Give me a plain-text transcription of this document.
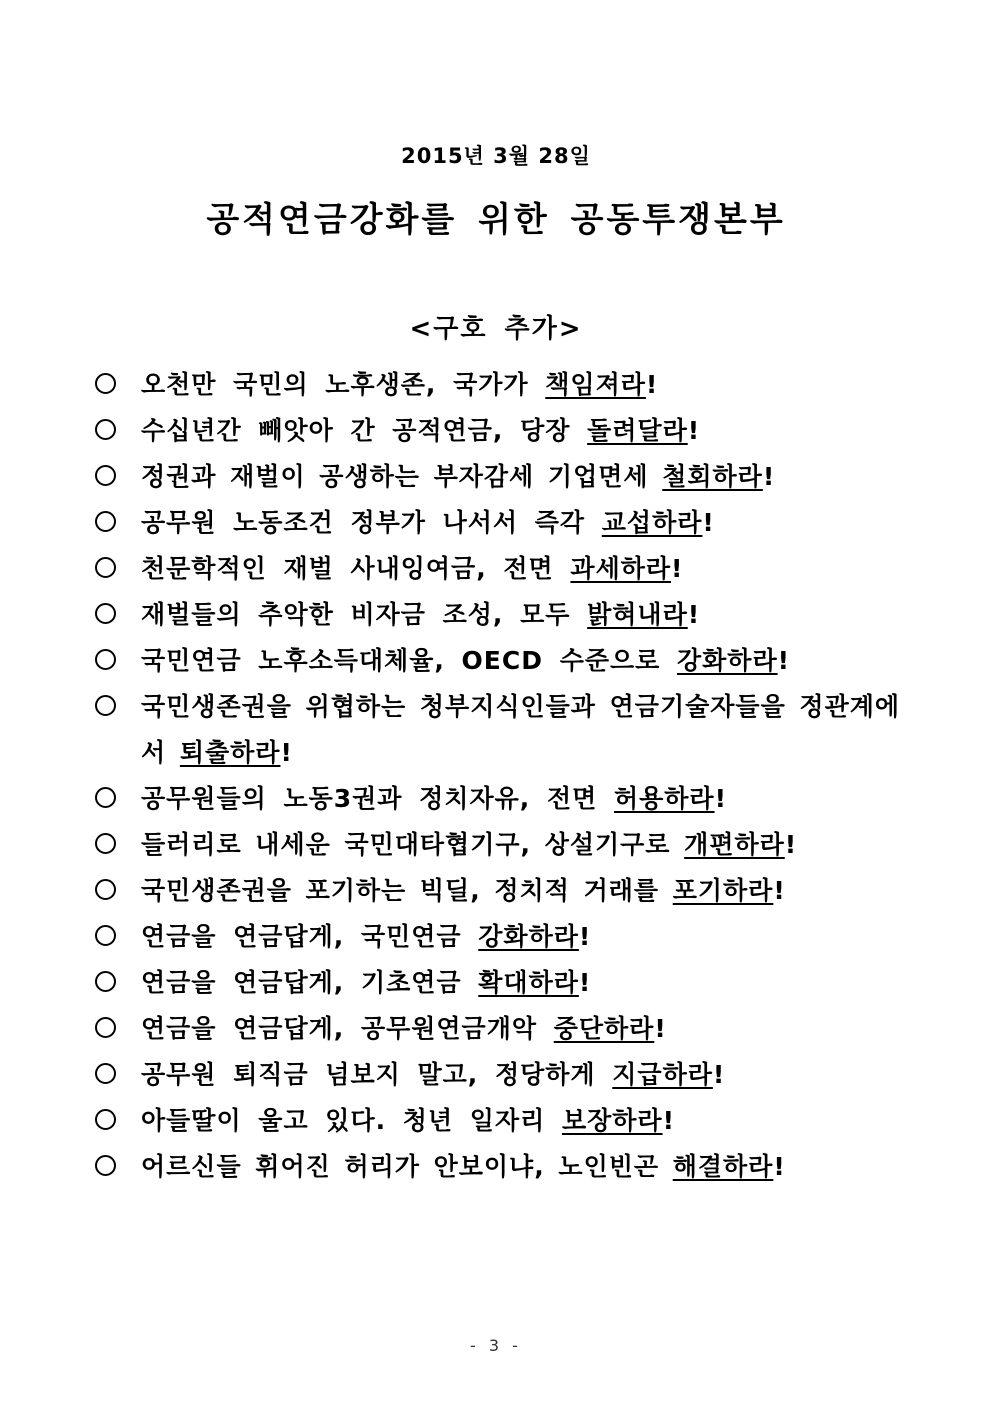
2015년 3월 28일
공적연금강화를 위한 공동투쟁본부
<구호 추가>
오천만 국민의 노후생존, 국가가 책임져라!
수십년간 빼앗아 간 공적연금, 당장 돌려달라!
정권과 재벌이 공생하는 부자감세 기업면세 철회하라!
공무원 노동조건 정부가 나서서 즉각 교섭하라!
천문학적인 재벌 사내잉여금, 전면 과세하라!
재벌들의 추악한 비자금 조성, 모두 밝혀내라!
국민연금 노후소득대체율, OECD 수준으로 강화하라!
국민생존권을 위협하는 청부지식인들과 연금기술자들을 정관계에서 퇴출하라!
공무원들의 노동3권과 정치자유, 전면 허용하라!
들러리로 내세운 국민대타협기구, 상설기구로 개편하라!
국민생존권을 포기하는 빅딜, 정치적 거래를 포기하라!
연금을 연금답게, 국민연금 강화하라!
연금을 연금답게, 기초연금 확대하라!
연금을 연금답게, 공무원연금개악 중단하라!
공무원 퇴직금 넘보지 말고, 정당하게 지급하라!
아들딸이 울고 있다. 청년 일자리 보장하라!
어르신들 휘어진 허리가 안보이냐, 노인빈곤 해결하라!
- 3 -
